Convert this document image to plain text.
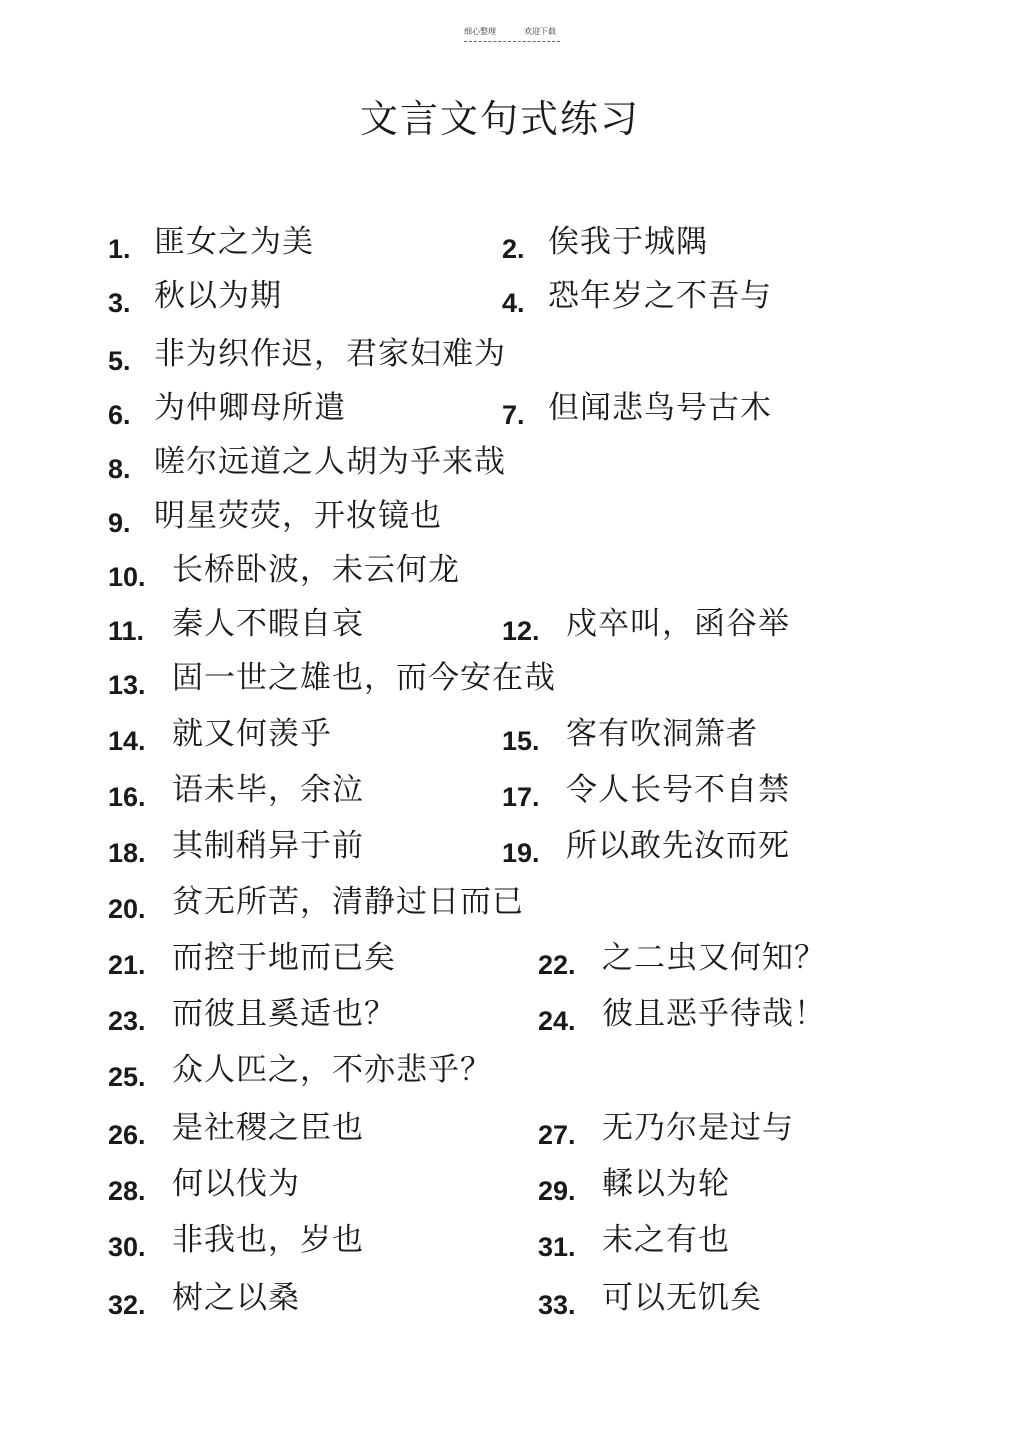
细心整理	欢迎下载
文言文句式练习
1. 匪女之为美	2. 俟我于城隅
3. 秋以为期	4. 恐年岁之不吾与
5. 非为织作迟，君家妇难为
6. 为仲卿母所遣	7. 但闻悲鸟号古木
8. 嗟尔远道之人胡为乎来哉
9. 明星荧荧，开妆镜也
10. 长桥卧波，未云何龙
11. 秦人不暇自哀	12. 戍卒叫，函谷举
13. 固一世之雄也，而今安在哉
14. 就又何羡乎	15. 客有吹洞箫者
16. 语未毕，余泣	17. 令人长号不自禁
18. 其制稍异于前	19. 所以敢先汝而死
20. 贫无所苦，清静过日而已
21. 而控于地而已矣	22. 之二虫又何知？
23. 而彼且奚适也？	24. 彼且恶乎待哉！
25. 众人匹之，不亦悲乎？
26. 是社稷之臣也	27. 无乃尔是过与
28. 何以伐为	29. 輮以为轮
30. 非我也，岁也	31. 未之有也
32. 树之以桑	33. 可以无饥矣
